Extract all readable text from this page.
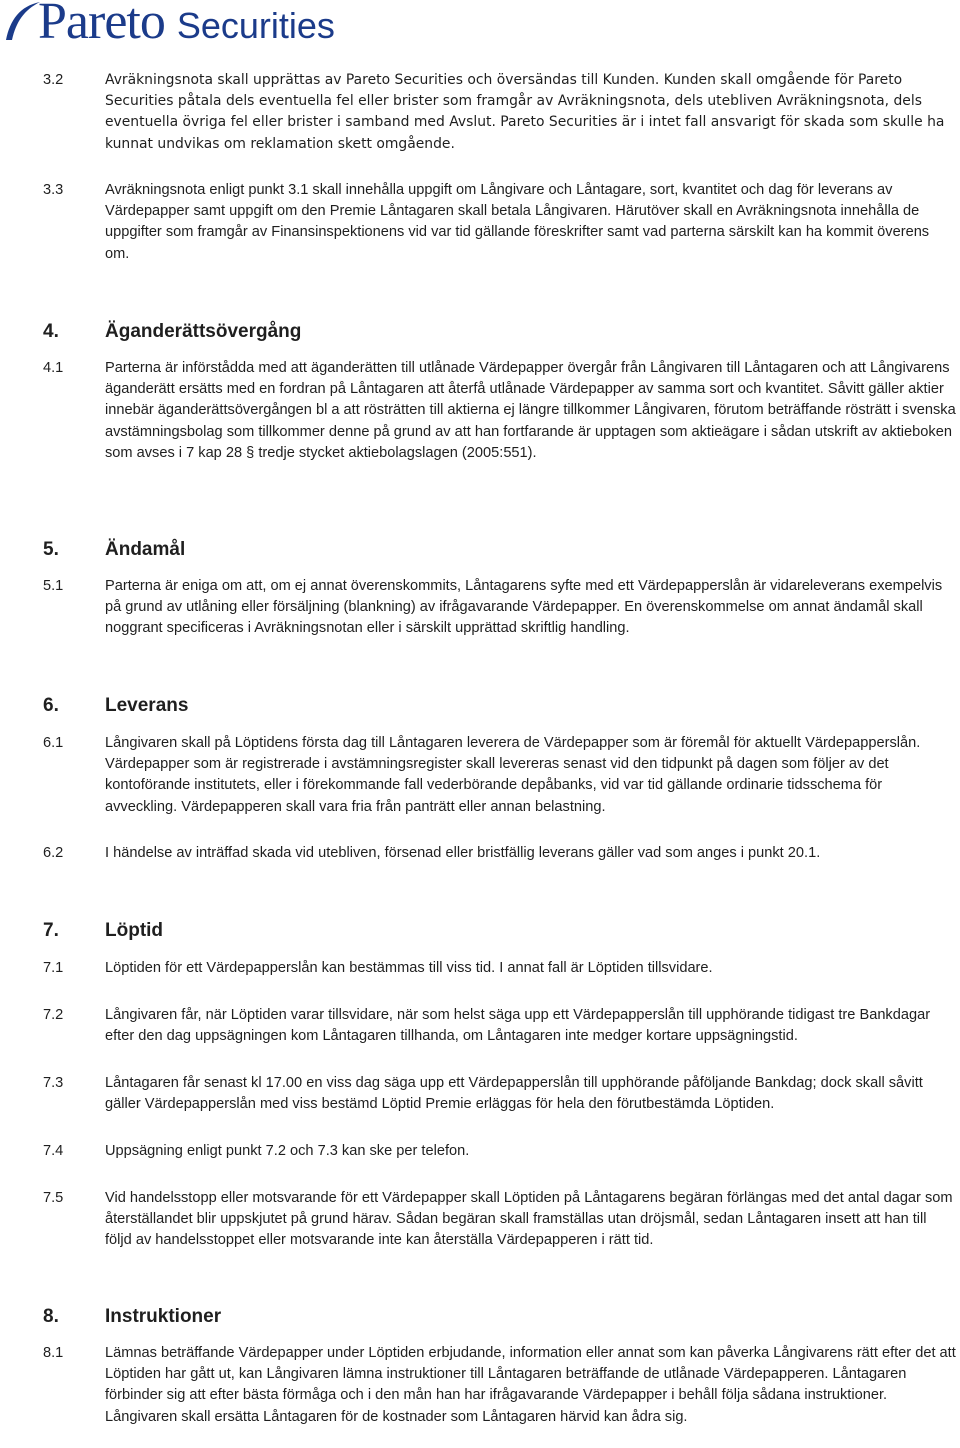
Pareto Securities
3.2	Avräkningsnota skall upprättas av Pareto Securities och översändas till Kunden. Kunden skall omgående för Pareto Securities påtala dels eventuella fel eller brister som framgår av Avräkningsnota, dels utebliven Avräkningsnota, dels eventuella övriga fel eller brister i samband med Avslut. Pareto Securities är i intet fall ansvarigt för skada som skulle ha kunnat undvikas om reklamation skett omgående.
3.3	Avräkningsnota enligt punkt 3.1 skall innehålla uppgift om Långivare och Låntagare, sort, kvantitet och dag för leverans av Värdepapper samt uppgift om den Premie Låntagaren skall betala Långivaren. Härutöver skall en Avräkningsnota innehålla de uppgifter som framgår av Finansinspektionens vid var tid gällande föreskrifter samt vad parterna särskilt kan ha kommit överens om.
4. Äganderättsövergång
4.1	Parterna är införstådda med att äganderätten till utlånade Värdepapper övergår från Långivaren till Låntagaren och att Långivarens äganderätt ersätts med en fordran på Låntagaren att återfå utlånade Värdepapper av samma sort och kvantitet. Såvitt gäller aktier innebär äganderättsövergången bl a att rösträtten till aktierna ej längre tillkommer Långivaren, förutom beträffande rösträtt i svenska avstämningsbolag som tillkommer denne på grund av att han fortfarande är upptagen som aktieägare i sådan utskrift av aktieboken som avses i 7 kap 28 § tredje stycket aktiebolagslagen (2005:551).
5. Ändamål
5.1	Parterna är eniga om att, om ej annat överenskommits, Låntagarens syfte med ett Värdepapperslån är vidareleverans exempelvis på grund av utlåning eller försäljning (blankning) av ifrågavarande Värdepapper. En överenskommelse om annat ändamål skall noggrant specificeras i Avräkningsnotan eller i särskilt upprättad skriftlig handling.
6. Leverans
6.1	Långivaren skall på Löptidens första dag till Låntagaren leverera de Värdepapper som är föremål för aktuellt Värdepapperslån. Värdepapper som är registrerade i avstämningsregister skall levereras senast vid den tidpunkt på dagen som följer av det kontoförande institutets, eller i förekommande fall vederbörande depåbanks, vid var tid gällande ordinarie tidsschema för avveckling. Värdepapperen skall vara fria från panträtt eller annan belastning.
6.2	I händelse av inträffad skada vid utebliven, försenad eller bristfällig leverans gäller vad som anges i punkt 20.1.
7. Löptid
7.1	Löptiden för ett Värdepapperslån kan bestämmas till viss tid. I annat fall är Löptiden tillsvidare.
7.2	Långivaren får, när Löptiden varar tillsvidare, när som helst säga upp ett Värdepapperslån till upphörande tidigast tre Bankdagar efter den dag uppsägningen kom Låntagaren tillhanda, om Låntagaren inte medger kortare uppsägningstid.
7.3	Låntagaren får senast kl 17.00 en viss dag säga upp ett Värdepapperslån till upphörande påföljande Bankdag; dock skall såvitt gäller Värdepapperslån med viss bestämd Löptid Premie erläggas för hela den förutbestämda Löptiden.
7.4	Uppsägning enligt punkt 7.2 och 7.3 kan ske per telefon.
7.5	Vid handelsstopp eller motsvarande för ett Värdepapper skall Löptiden på Låntagarens begäran förlängas med det antal dagar som återställandet blir uppskjutet på grund härav. Sådan begäran skall framställas utan dröjsmål, sedan Låntagaren insett att han till följd av handelsstoppet eller motsvarande inte kan återställa Värdepapperen i rätt tid.
8. Instruktioner
8.1	Lämnas beträffande Värdepapper under Löptiden erbjudande, information eller annat som kan påverka Långivarens rätt efter det att Löptiden har gått ut, kan Långivaren lämna instruktioner till Låntagaren beträffande de utlånade Värdepapperen. Låntagaren förbinder sig att efter bästa förmåga och i den mån han har ifrågavarande Värdepapper i behåll följa sådana instruktioner. Långivaren skall ersätta Låntagaren för de kostnader som Låntagaren härvid kan ådra sig.
